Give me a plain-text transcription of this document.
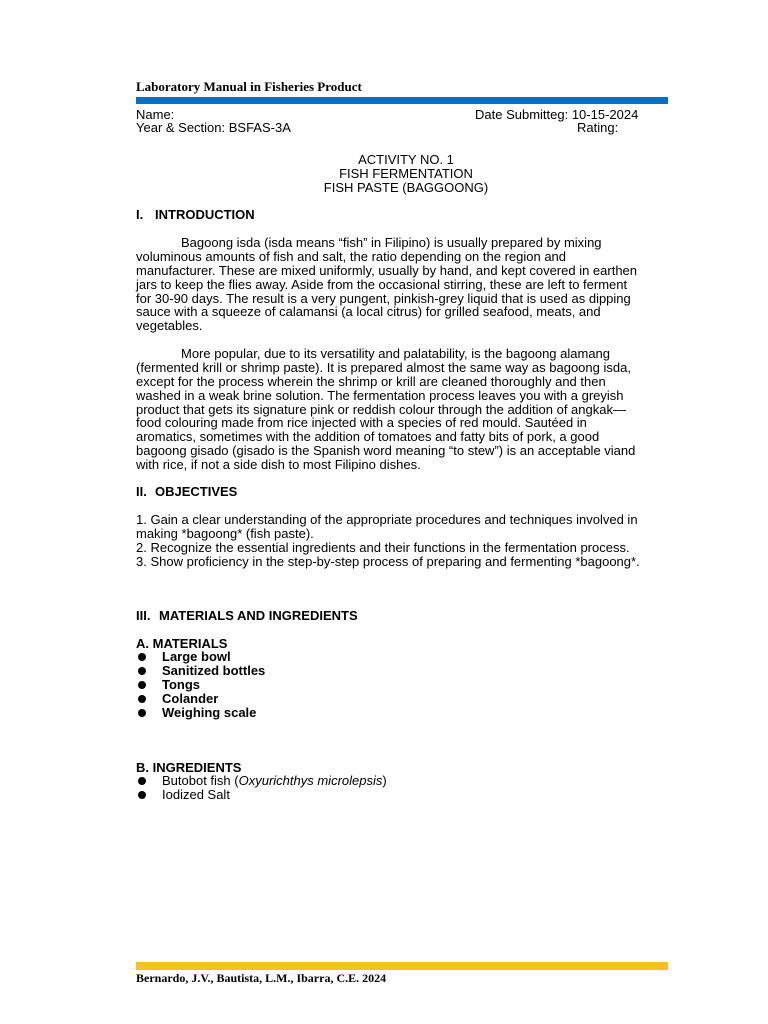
Laboratory Manual in Fisheries Product
Name:	Date Submitteg: 10-15-2024
Year & Section: BSFAS-3A	Rating:
ACTIVITY NO. 1
FISH FERMENTATION
FISH PASTE (BAGGOONG)
I. INTRODUCTION
Bagoong isda (isda means “fish” in Filipino) is usually prepared by mixing
voluminous amounts of fish and salt, the ratio depending on the region and
manufacturer. These are mixed uniformly, usually by hand, and kept covered in earthen
jars to keep the flies away. Aside from the occasional stirring, these are left to ferment
for 30-90 days. The result is a very pungent, pinkish-grey liquid that is used as dipping
sauce with a squeeze of calamansi (a local citrus) for grilled seafood, meats, and
vegetables.
More popular, due to its versatility and palatability, is the bagoong alamang
(fermented krill or shrimp paste). It is prepared almost the same way as bagoong isda,
except for the process wherein the shrimp or krill are cleaned thoroughly and then
washed in a weak brine solution. The fermentation process leaves you with a greyish
product that gets its signature pink or reddish colour through the addition of angkak—
food colouring made from rice injected with a species of red mould. Sautéed in
aromatics, sometimes with the addition of tomatoes and fatty bits of pork, a good
bagoong gisado (gisado is the Spanish word meaning “to stew”) is an acceptable viand
with rice, if not a side dish to most Filipino dishes.
II. OBJECTIVES
1. Gain a clear understanding of the appropriate procedures and techniques involved in
making *bagoong* (fish paste).
2. Recognize the essential ingredients and their functions in the fermentation process.
3. Show proficiency in the step-by-step process of preparing and fermenting *bagoong*.
III. MATERIALS AND INGREDIENTS
A. MATERIALS
Large bowl
Sanitized bottles
Tongs
Colander
Weighing scale
B. INGREDIENTS
Butobot fish (Oxyurichthys microlepsis)
Iodized Salt
Bernardo, J.V., Bautista, L.M., Ibarra, C.E. 2024
